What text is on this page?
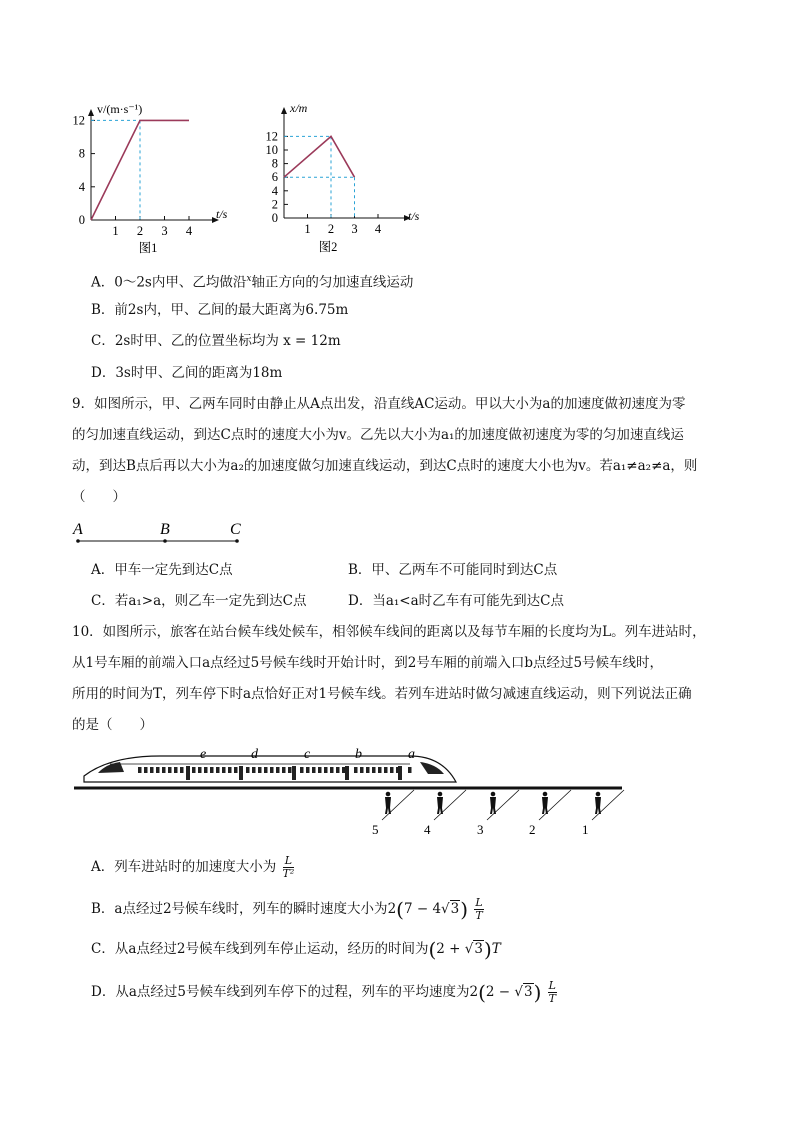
12
8
4
0
1 2 3 4
v/(m·s⁻¹)
t/s
图1
12
10
8
6
4
2
0
1 2 3 4
x/m
t/s
图2
A．0～2s内甲、乙均做沿$^x$轴正方向的匀加速直线运动
B．前2s内，甲、乙间的最大距离为6.75m
C．2s时甲、乙的位置坐标均为 x = 12m
D．3s时甲、乙间的距离为18m
9．如图所示，甲、乙两车同时由静止从A点出发，沿直线AC运动。甲以大小为a的加速度做初速度为零
的匀加速直线运动，到达C点时的速度大小为v。乙先以大小为a₁的加速度做初速度为零的匀加速直线运
动，到达B点后再以大小为a₂的加速度做匀加速直线运动，到达C点时的速度大小也为v。若a₁≠a₂≠a，则
（　　）
A	B	C
A．甲车一定先到达C点	B．甲、乙两车不可能同时到达C点
C．若a₁>a，则乙车一定先到达C点	D．当a₁<a时乙车有可能先到达C点
10．如图所示，旅客在站台候车线处候车，相邻候车线间的距离以及每节车厢的长度均为L。列车进站时，
从1号车厢的前端入口a点经过5号候车线时开始计时，到2号车厢的前端入口b点经过5号候车线时，
所用的时间为T，列车停下时a点恰好正对1号候车线。若列车进站时做匀减速直线运动，则下列说法正确
的是（　　）
e	d	c	b	a
5	4	3	2	1
A．列车进站时的加速度大小为 $\frac{L}{\text{T²}}$
B．a点经过2号候车线时，列车的瞬时速度大小为$2(7 - 4√3) \frac{L}{T}$
C．从a点经过2号候车线到列车停止运动，经历的时间为(2 + √3)T
D．从a点经过5号候车线到列车停下的过程，列车的平均速度为$2(2 - √3) \frac{L}{T}$
